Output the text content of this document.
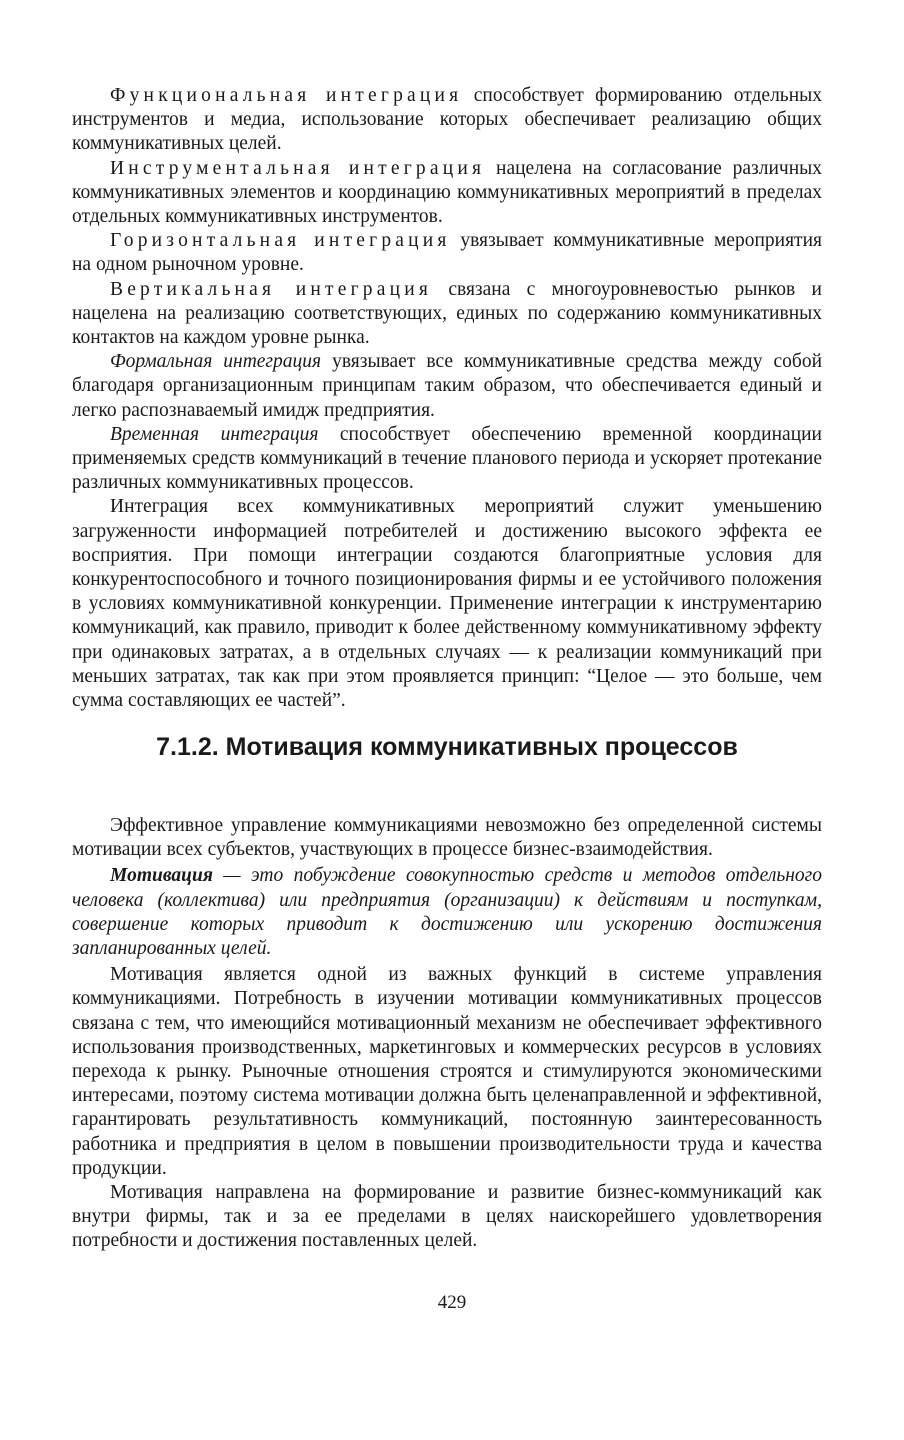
Функциональная интеграция способствует формированию отдельных инструментов и медиа, использование которых обеспечивает реализацию общих коммуникативных целей.

Инструментальная интеграция нацелена на согласование различных коммуникативных элементов и координацию коммуникативных мероприятий в пределах отдельных коммуникативных инструментов.

Горизонтальная интеграция увязывает коммуникативные мероприятия на одном рыночном уровне.

Вертикальная интеграция связана с многоуровневостью рынков и нацелена на реализацию соответствующих, единых по содержанию коммуникативных контактов на каждом уровне рынка.

Формальная интеграция увязывает все коммуникативные средства между собой благодаря организационным принципам таким образом, что обеспечивается единый и легко распознаваемый имидж предприятия.

Временная интеграция способствует обеспечению временной координации применяемых средств коммуникаций в течение планового периода и ускоряет протекание различных коммуникативных процессов.

Интеграция всех коммуникативных мероприятий служит уменьшению загруженности информацией потребителей и достижению высокого эффекта ее восприятия. При помощи интеграции создаются благоприятные условия для конкурентоспособного и точного позиционирования фирмы и ее устойчивого положения в условиях коммуникативной конкуренции. Применение интеграции к инструментарию коммуникаций, как правило, приводит к более действенному коммуникативному эффекту при одинаковых затратах, а в отдельных случаях — к реализации коммуникаций при меньших затратах, так как при этом проявляется принцип: “Целое — это больше, чем сумма составляющих ее частей”.

7.1.2. Мотивация коммуникативных процессов

Эффективное управление коммуникациями невозможно без определенной системы мотивации всех субъектов, участвующих в процессе бизнес-взаимодействия.

Мотивация — это побуждение совокупностью средств и методов отдельного человека (коллектива) или предприятия (организации) к действиям и поступкам, совершение которых приводит к достижению или ускорению достижения запланированных целей.

Мотивация является одной из важных функций в системе управления коммуникациями. Потребность в изучении мотивации коммуникативных процессов связана с тем, что имеющийся мотивационный механизм не обеспечивает эффективного использования производственных, маркетинговых и коммерческих ресурсов в условиях перехода к рынку. Рыночные отношения строятся и стимулируются экономическими интересами, поэтому система мотивации должна быть целенаправленной и эффективной, гарантировать результативность коммуникаций, постоянную заинтересованность работника и предприятия в целом в повышении производительности труда и качества продукции.

Мотивация направлена на формирование и развитие бизнес-коммуникаций как внутри фирмы, так и за ее пределами в целях наискорейшего удовлетворения потребности и достижения поставленных целей.

429
